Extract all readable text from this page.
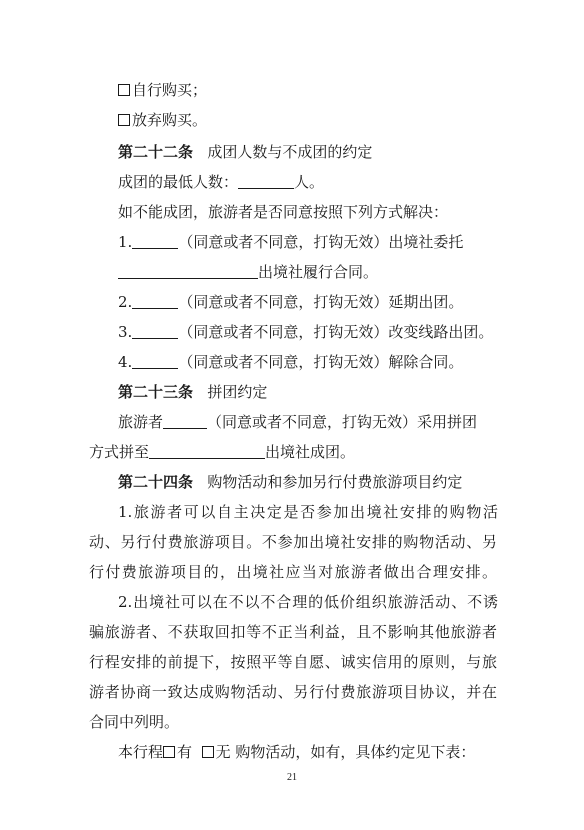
自行购买；
放弃购买。
第二十二条 成团人数与不成团的约定
成团的最低人数：	人。
如不能成团，旅游者是否同意按照下列方式解决：
1.	（同意或者不同意，打钩无效）出境社委托
出境社履行合同。
2.	（同意或者不同意，打钩无效）延期出团。
3.	（同意或者不同意，打钩无效）改变线路出团。
4.	（同意或者不同意，打钩无效）解除合同。
第二十三条 拼团约定
旅游者	（同意或者不同意，打钩无效）采用拼团
方式拼至	出境社成团。
第二十四条 购物活动和参加另行付费旅游项目约定
1.旅游者可以自主决定是否参加出境社安排的购物活
动、另行付费旅游项目。不参加出境社安排的购物活动、另
行付费旅游项目的，出境社应当对旅游者做出合理安排。
2.出境社可以在不以不合理的低价组织旅游活动、不诱
骗旅游者、不获取回扣等不正当利益，且不影响其他旅游者
行程安排的前提下，按照平等自愿、诚实信用的原则，与旅
游者协商一致达成购物活动、另行付费旅游项目协议，并在
合同中列明。
本行程 有 无 购物活动，如有，具体约定见下表：
21
